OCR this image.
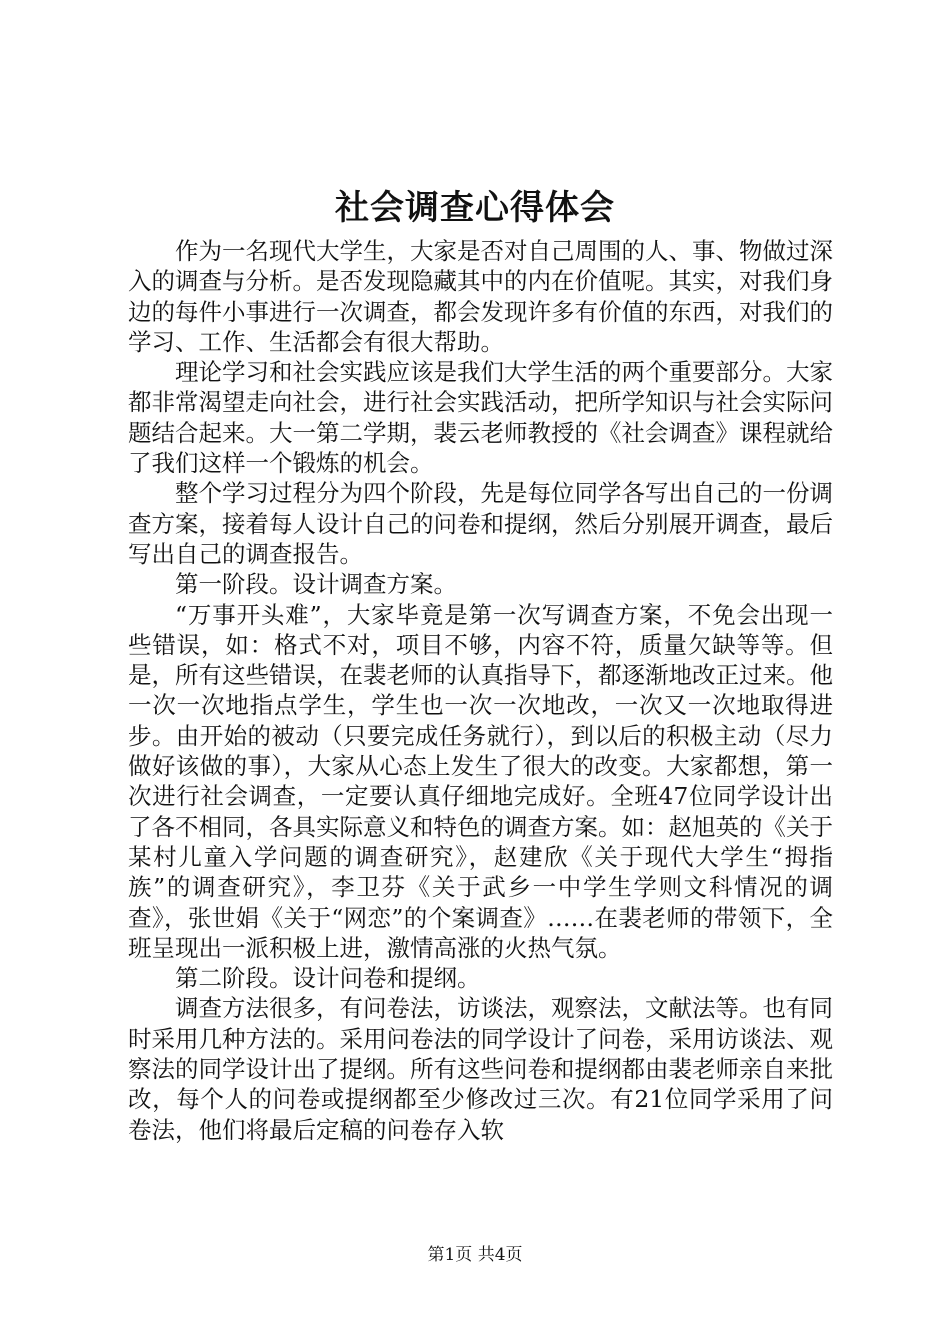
社会调查心得体会

作为一名现代大学生，大家是否对自己周围的人、事、物做过深入的调查与分析。是否发现隐藏其中的内在价值呢。其实，对我们身边的每件小事进行一次调查，都会发现许多有价值的东西，对我们的学习、工作、生活都会有很大帮助。

理论学习和社会实践应该是我们大学生活的两个重要部分。大家都非常渴望走向社会，进行社会实践活动，把所学知识与社会实际问题结合起来。大一第二学期，裴云老师教授的《社会调查》课程就给了我们这样一个锻炼的机会。

整个学习过程分为四个阶段，先是每位同学各写出自己的一份调查方案，接着每人设计自己的问卷和提纲，然后分别展开调查，最后写出自己的调查报告。

第一阶段。设计调查方案。

“万事开头难”，大家毕竟是第一次写调查方案，不免会出现一些错误，如：格式不对，项目不够，内容不符，质量欠缺等等。但是，所有这些错误，在裴老师的认真指导下，都逐渐地改正过来。他一次一次地指点学生，学生也一次一次地改，一次又一次地取得进步。由开始的被动（只要完成任务就行），到以后的积极主动（尽力做好该做的事），大家从心态上发生了很大的改变。大家都想，第一次进行社会调查，一定要认真仔细地完成好。全班47位同学设计出了各不相同，各具实际意义和特色的调查方案。如：赵旭英的《关于某村儿童入学问题的调查研究》，赵建欣《关于现代大学生“拇指族”的调查研究》，李卫芬《关于武乡一中学生学则文科情况的调查》，张世娟《关于“网恋”的个案调查》……在裴老师的带领下，全班呈现出一派积极上进，激情高涨的火热气氛。

第二阶段。设计问卷和提纲。

调查方法很多，有问卷法，访谈法，观察法，文献法等。也有同时采用几种方法的。采用问卷法的同学设计了问卷，采用访谈法、观察法的同学设计出了提纲。所有这些问卷和提纲都由裴老师亲自来批改，每个人的问卷或提纲都至少修改过三次。有21位同学采用了问卷法，他们将最后定稿的问卷存入软

第1页 共4页
